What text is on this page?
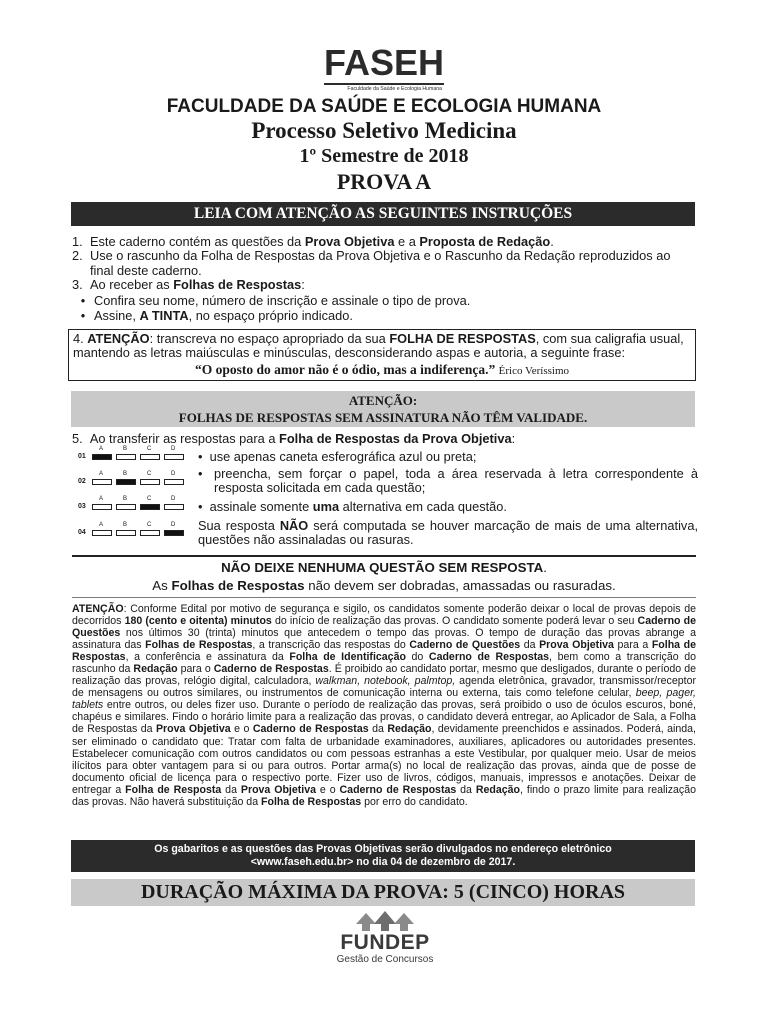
FASEH
Faculdade da Saúde e Ecologia Humana
FACULDADE DA SAÚDE E ECOLOGIA HUMANA
Processo Seletivo Medicina
1º Semestre de 2018
PROVA A
LEIA COM ATENÇÃO AS SEGUINTES INSTRUÇÕES
1. Este caderno contém as questões da Prova Objetiva e a Proposta de Redação.
2. Use o rascunho da Folha de Respostas da Prova Objetiva e o Rascunho da Redação reproduzidos ao final deste caderno.
3. Ao receber as Folhas de Respostas:
• Confira seu nome, número de inscrição e assinale o tipo de prova.
• Assine, A TINTA, no espaço próprio indicado.
4. ATENÇÃO: transcreva no espaço apropriado da sua FOLHA DE RESPOSTAS, com sua caligrafia usual, mantendo as letras maiúsculas e minúsculas, desconsiderando aspas e autoria, a seguinte frase:
“O oposto do amor não é o ódio, mas a indiferença.” Érico Veríssimo
ATENÇÃO:
FOLHAS DE RESPOSTAS SEM ASSINATURA NÃO TÊM VALIDADE.
5. Ao transferir as respostas para a Folha de Respostas da Prova Objetiva:
01
A	B	C	D
02
A	B	C	D
03
A	B	C	D
04
A	B	C	D
• use apenas caneta esferográfica azul ou preta;
• preencha, sem forçar o papel, toda a área reservada à letra correspondente à resposta solicitada em cada questão;
• assinale somente uma alternativa em cada questão.
Sua resposta NÃO será computada se houver marcação de mais de uma alternativa, questões não assinaladas ou rasuras.
NÃO DEIXE NENHUMA QUESTÃO SEM RESPOSTA.
As Folhas de Respostas não devem ser dobradas, amassadas ou rasuradas.
ATENÇÃO: Conforme Edital por motivo de segurança e sigilo, os candidatos somente poderão deixar o local de provas depois de decorridos 180 (cento e oitenta) minutos do início de realização das provas. O candidato somente poderá levar o seu Caderno de Questões nos últimos 30 (trinta) minutos que antecedem o tempo das provas. O tempo de duração das provas abrange a assinatura das Folhas de Respostas, a transcrição das respostas do Caderno de Questões da Prova Objetiva para a Folha de Respostas, a conferência e assinatura da Folha de Identificação do Caderno de Respostas, bem como a transcrição do rascunho da Redação para o Caderno de Respostas. É proibido ao candidato portar, mesmo que desligados, durante o período de realização das provas, relógio digital, calculadora, walkman, notebook, palmtop, agenda eletrônica, gravador, transmissor/receptor de mensagens ou outros similares, ou instrumentos de comunicação interna ou externa, tais como telefone celular, beep, pager, tablets entre outros, ou deles fizer uso. Durante o período de realização das provas, será proibido o uso de óculos escuros, boné, chapéus e similares. Findo o horário limite para a realização das provas, o candidato deverá entregar, ao Aplicador de Sala, a Folha de Respostas da Prova Objetiva e o Caderno de Respostas da Redação, devidamente preenchidos e assinados. Poderá, ainda, ser eliminado o candidato que: Tratar com falta de urbanidade examinadores, auxiliares, aplicadores ou autoridades presentes. Estabelecer comunicação com outros candidatos ou com pessoas estranhas a este Vestibular, por qualquer meio. Usar de meios ilícitos para obter vantagem para si ou para outros. Portar arma(s) no local de realização das provas, ainda que de posse de documento oficial de licença para o respectivo porte. Fizer uso de livros, códigos, manuais, impressos e anotações. Deixar de entregar a Folha de Resposta da Prova Objetiva e o Caderno de Respostas da Redação, findo o prazo limite para realização das provas. Não haverá substituição da Folha de Respostas por erro do candidato.
Os gabaritos e as questões das Provas Objetivas serão divulgados no endereço eletrônico
<www.faseh.edu.br> no dia 04 de dezembro de 2017.
DURAÇÃO MÁXIMA DA PROVA: 5 (CINCO) HORAS
FUNDEP
Gestão de Concursos
